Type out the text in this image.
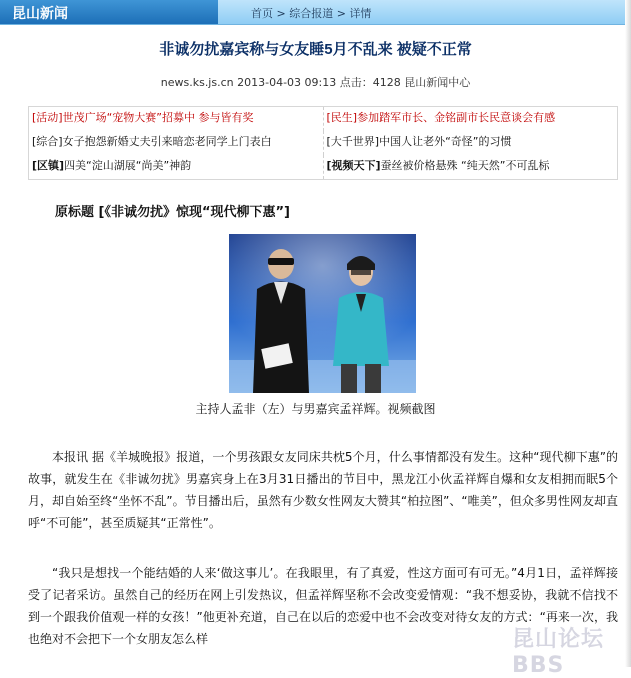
昆山新闻	首页 > 综合报道 > 详情
非诚勿扰嘉宾称与女友睡5月不乱来 被疑不正常
news.ks.js.cn 2013-04-03 09:13 点击：4128 昆山新闻中心
[活动]世茂广场“宠物大赛”招募中 参与皆有奖	[民生]参加踏军市长、金铭副市长民意谈会有感
[综合]女子抱怨新婚丈夫引来暗恋老同学上门表白	[大千世界]中国人让老外“奇怪”的习惯
[区镇]四美“淀山湖展“尚美”神韵	[视频天下]蚕丝被价格悬殊 “纯天然”不可乱标
原标题 [《非诚勿扰》惊现“现代柳下惠”]
主持人孟非（左）与男嘉宾孟祥辉。视频截图

本报讯 据《羊城晚报》报道，一个男孩跟女友同床共枕5个月，什么事情都没有发生。这种“现代柳下惠”的故事，就发生在《非诚勿扰》男嘉宾身上在3月31日播出的节目中，黑龙江小伙孟祥辉自爆和女友相拥而眠5个月，却自始至终“坐怀不乱”。节目播出后，虽然有少数女性网友大赞其“柏拉图”、“唯美”，但众多男性网友却直呼“不可能”，甚至质疑其“正常性”。

“我只是想找一个能结婚的人来‘做这事儿’。在我眼里，有了真爱，性这方面可有可无。”4月1日，孟祥辉接受了记者采访。虽然自己的经历在网上引发热议，但孟祥辉坚称不会改变爱情观：“我不想妥协，我就不信找不到一个跟我价值观一样的女孩！”他更补充道，自己在以后的恋爱中也不会改变对待女友的方式：“再来一次，我也绝对不会把下一个女朋友怎么样	昆山论坛BBS
